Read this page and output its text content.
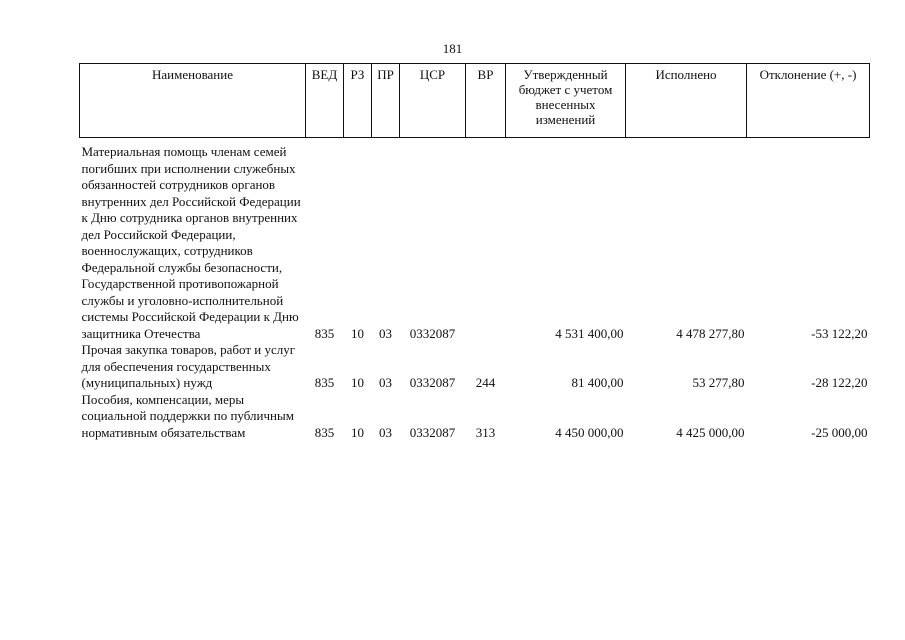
181
Наименование	ВЕД	РЗ	ПР	ЦСР	ВР	Утвержденный бюджет с учетом внесенных изменений	Исполнено	Отклонение (+, -)
Материальная помощь членам семей погибших при исполнении служебных обязанностей сотрудников органов внутренних дел Российской Федерации к Дню сотрудника органов внутренних дел Российской Федерации, военнослужащих, сотрудников Федеральной службы безопасности, Государственной противопожарной службы и уголовно-исполнительной системы Российской Федерации к Дню защитника Отечества	835	10	03	0332087		4 531 400,00	4 478 277,80	-53 122,20
Прочая закупка товаров, работ и услуг для обеспечения государственных (муниципальных) нужд	835	10	03	0332087	244	81 400,00	53 277,80	-28 122,20
Пособия, компенсации, меры социальной поддержки по публичным нормативным обязательствам	835	10	03	0332087	313	4 450 000,00	4 425 000,00	-25 000,00
